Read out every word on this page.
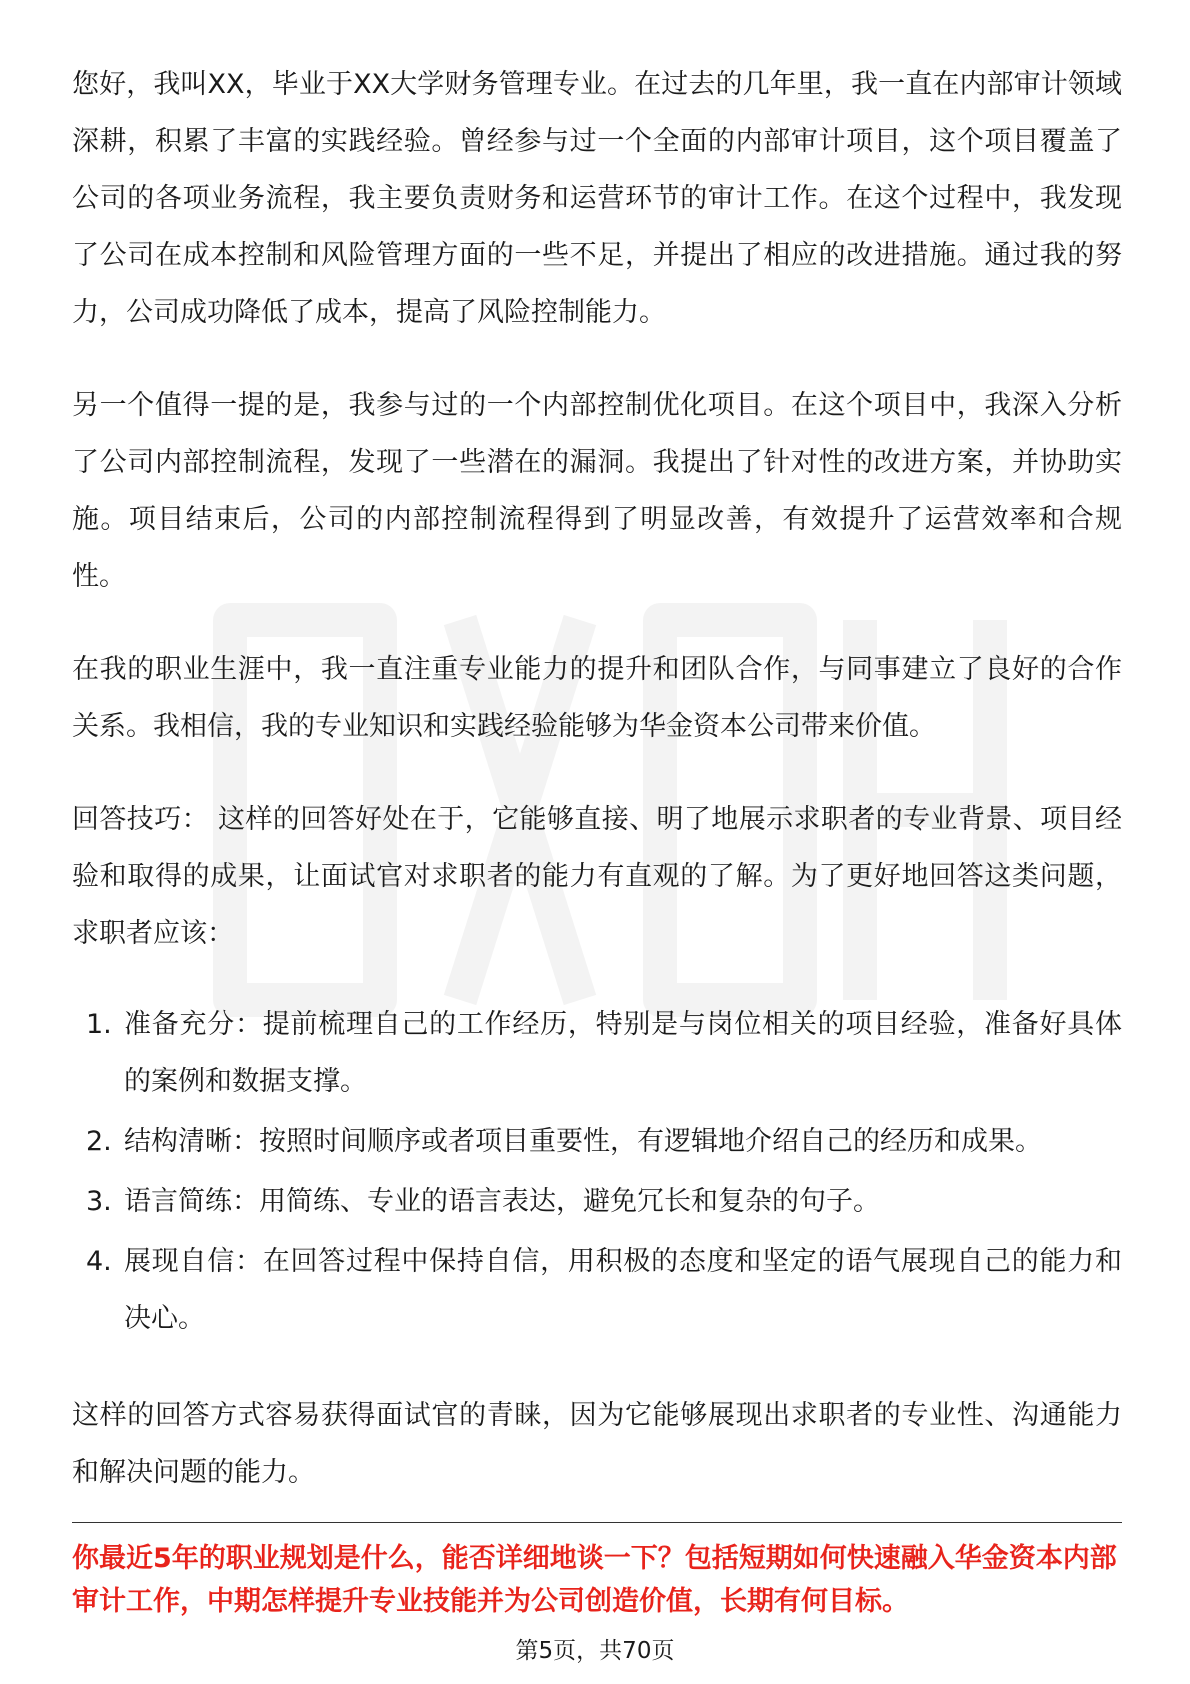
您好，我叫XX，毕业于XX大学财务管理专业。在过去的几年里，我一直在内部审计领域深耕，积累了丰富的实践经验。曾经参与过一个全面的内部审计项目，这个项目覆盖了公司的各项业务流程，我主要负责财务和运营环节的审计工作。在这个过程中，我发现了公司在成本控制和风险管理方面的一些不足，并提出了相应的改进措施。通过我的努力，公司成功降低了成本，提高了风险控制能力。

另一个值得一提的是，我参与过的一个内部控制优化项目。在这个项目中，我深入分析了公司内部控制流程，发现了一些潜在的漏洞。我提出了针对性的改进方案，并协助实施。项目结束后，公司的内部控制流程得到了明显改善，有效提升了运营效率和合规性。

在我的职业生涯中，我一直注重专业能力的提升和团队合作，与同事建立了良好的合作关系。我相信，我的专业知识和实践经验能够为华金资本公司带来价值。

回答技巧： 这样的回答好处在于，它能够直接、明了地展示求职者的专业背景、项目经验和取得的成果，让面试官对求职者的能力有直观的了解。为了更好地回答这类问题，求职者应该：

1. 准备充分：提前梳理自己的工作经历，特别是与岗位相关的项目经验，准备好具体的案例和数据支撑。
2. 结构清晰：按照时间顺序或者项目重要性，有逻辑地介绍自己的经历和成果。
3. 语言简练：用简练、专业的语言表达，避免冗长和复杂的句子。
4. 展现自信：在回答过程中保持自信，用积极的态度和坚定的语气展现自己的能力和决心。

这样的回答方式容易获得面试官的青睐，因为它能够展现出求职者的专业性、沟通能力和解决问题的能力。

你最近5年的职业规划是什么，能否详细地谈一下？包括短期如何快速融入华金资本内部审计工作，中期怎样提升专业技能并为公司创造价值，长期有何目标。
第5页，共70页
